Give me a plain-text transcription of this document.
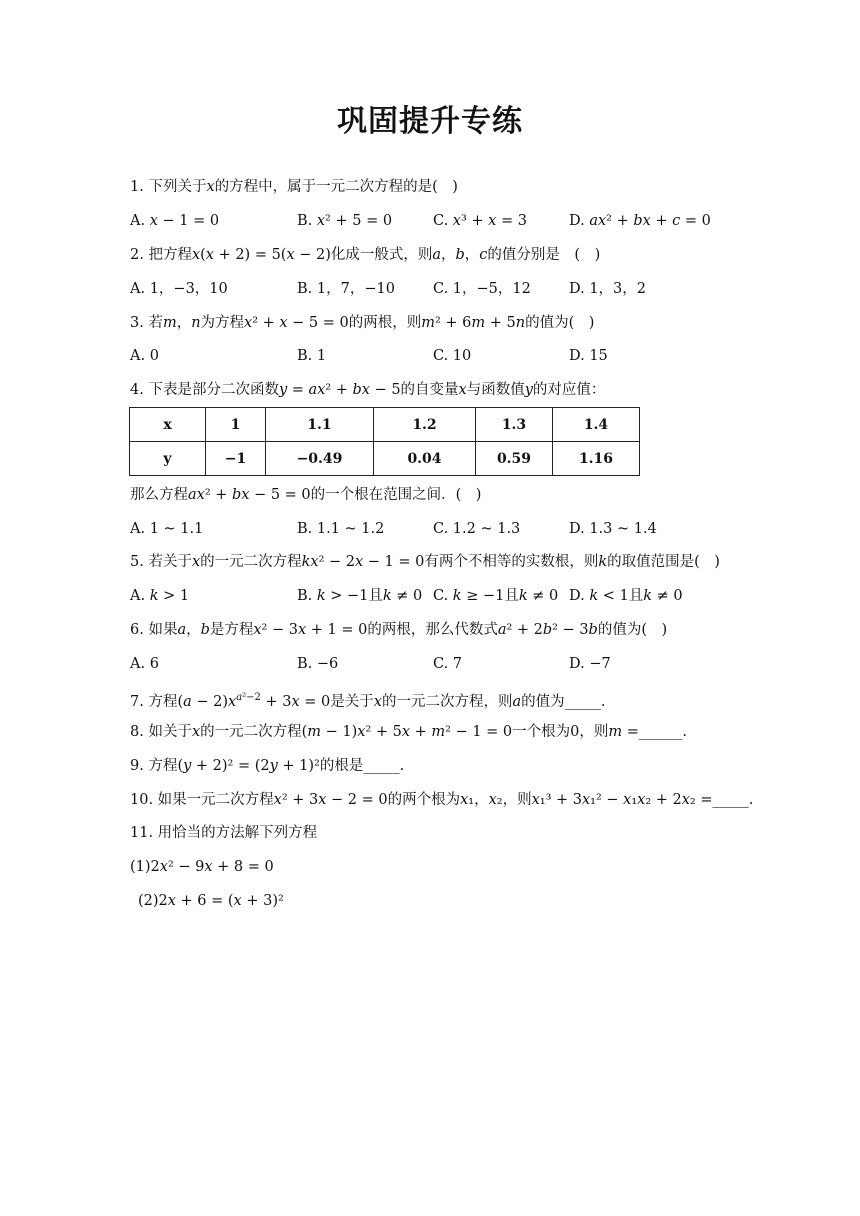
巩固提升专练
1. 下列关于𝑥的方程中，属于一元二次方程的是(　)
A. 𝑥 − 1 = 0	B. 𝑥² + 5 = 0	C. 𝑥³ + 𝑥 = 3	D. 𝑎𝑥² + 𝑏𝑥 + 𝑐 = 0
2. 把方程𝑥(𝑥 + 2) = 5(𝑥 − 2)化成一般式，则𝑎，𝑏，𝑐的值分别是　(　)
A. 1，−3，10	B. 1，7，−10	C. 1，−5，12	D. 1，3，2
3. 若𝑚，𝑛为方程𝑥² + 𝑥 − 5 = 0的两根，则𝑚² + 6𝑚 + 5𝑛的值为(　)
A. 0	B. 1	C. 10	D. 15
4. 下表是部分二次函数𝑦 = 𝑎𝑥² + 𝑏𝑥 − 5的自变量𝑥与函数值𝑦的对应值：
x	1	1.1	1.2	1.3	1.4
y	−1	−0.49	0.04	0.59	1.16
那么方程𝑎𝑥² + 𝑏𝑥 − 5 = 0的一个根在范围之间．(　)
A. 1 ~ 1.1	B. 1.1 ~ 1.2	C. 1.2 ~ 1.3	D. 1.3 ~ 1.4
5. 若关于𝑥的一元二次方程𝑘𝑥² − 2𝑥 − 1 = 0有两个不相等的实数根，则𝑘的取值范围是(　)
A. 𝑘 > 1	B. 𝑘 > −1且𝑘 ≠ 0 C. 𝑘 ≥ −1且𝑘 ≠ 0 D. 𝑘 < 1且𝑘 ≠ 0
6. 如果𝑎，𝑏是方程𝑥² − 3𝑥 + 1 = 0的两根，那么代数式𝑎² + 2𝑏² − 3𝑏的值为(　)
A. 6	B. −6	C. 7	D. −7
7. 方程(𝑎 − 2)𝑥$^{𝑎^2-2}$ + 3𝑥 = 0是关于𝑥的一元二次方程，则𝑎的值为_____.
8. 如关于𝑥的一元二次方程(𝑚 − 1)𝑥² + 5𝑥 + 𝑚² − 1 = 0一个根为0，则𝑚 =______.
9. 方程(𝑦 + 2)² = (2𝑦 + 1)²的根是_____.
10. 如果一元二次方程𝑥² + 3𝑥 − 2 = 0的两个根为𝑥₁，𝑥₂，则𝑥₁³ + 3𝑥₁² − 𝑥₁𝑥₂ + 2𝑥₂ =_____.
11. 用恰当的方法解下列方程
(1)2𝑥² − 9𝑥 + 8 = 0
(2)2𝑥 + 6 = (𝑥 + 3)²
